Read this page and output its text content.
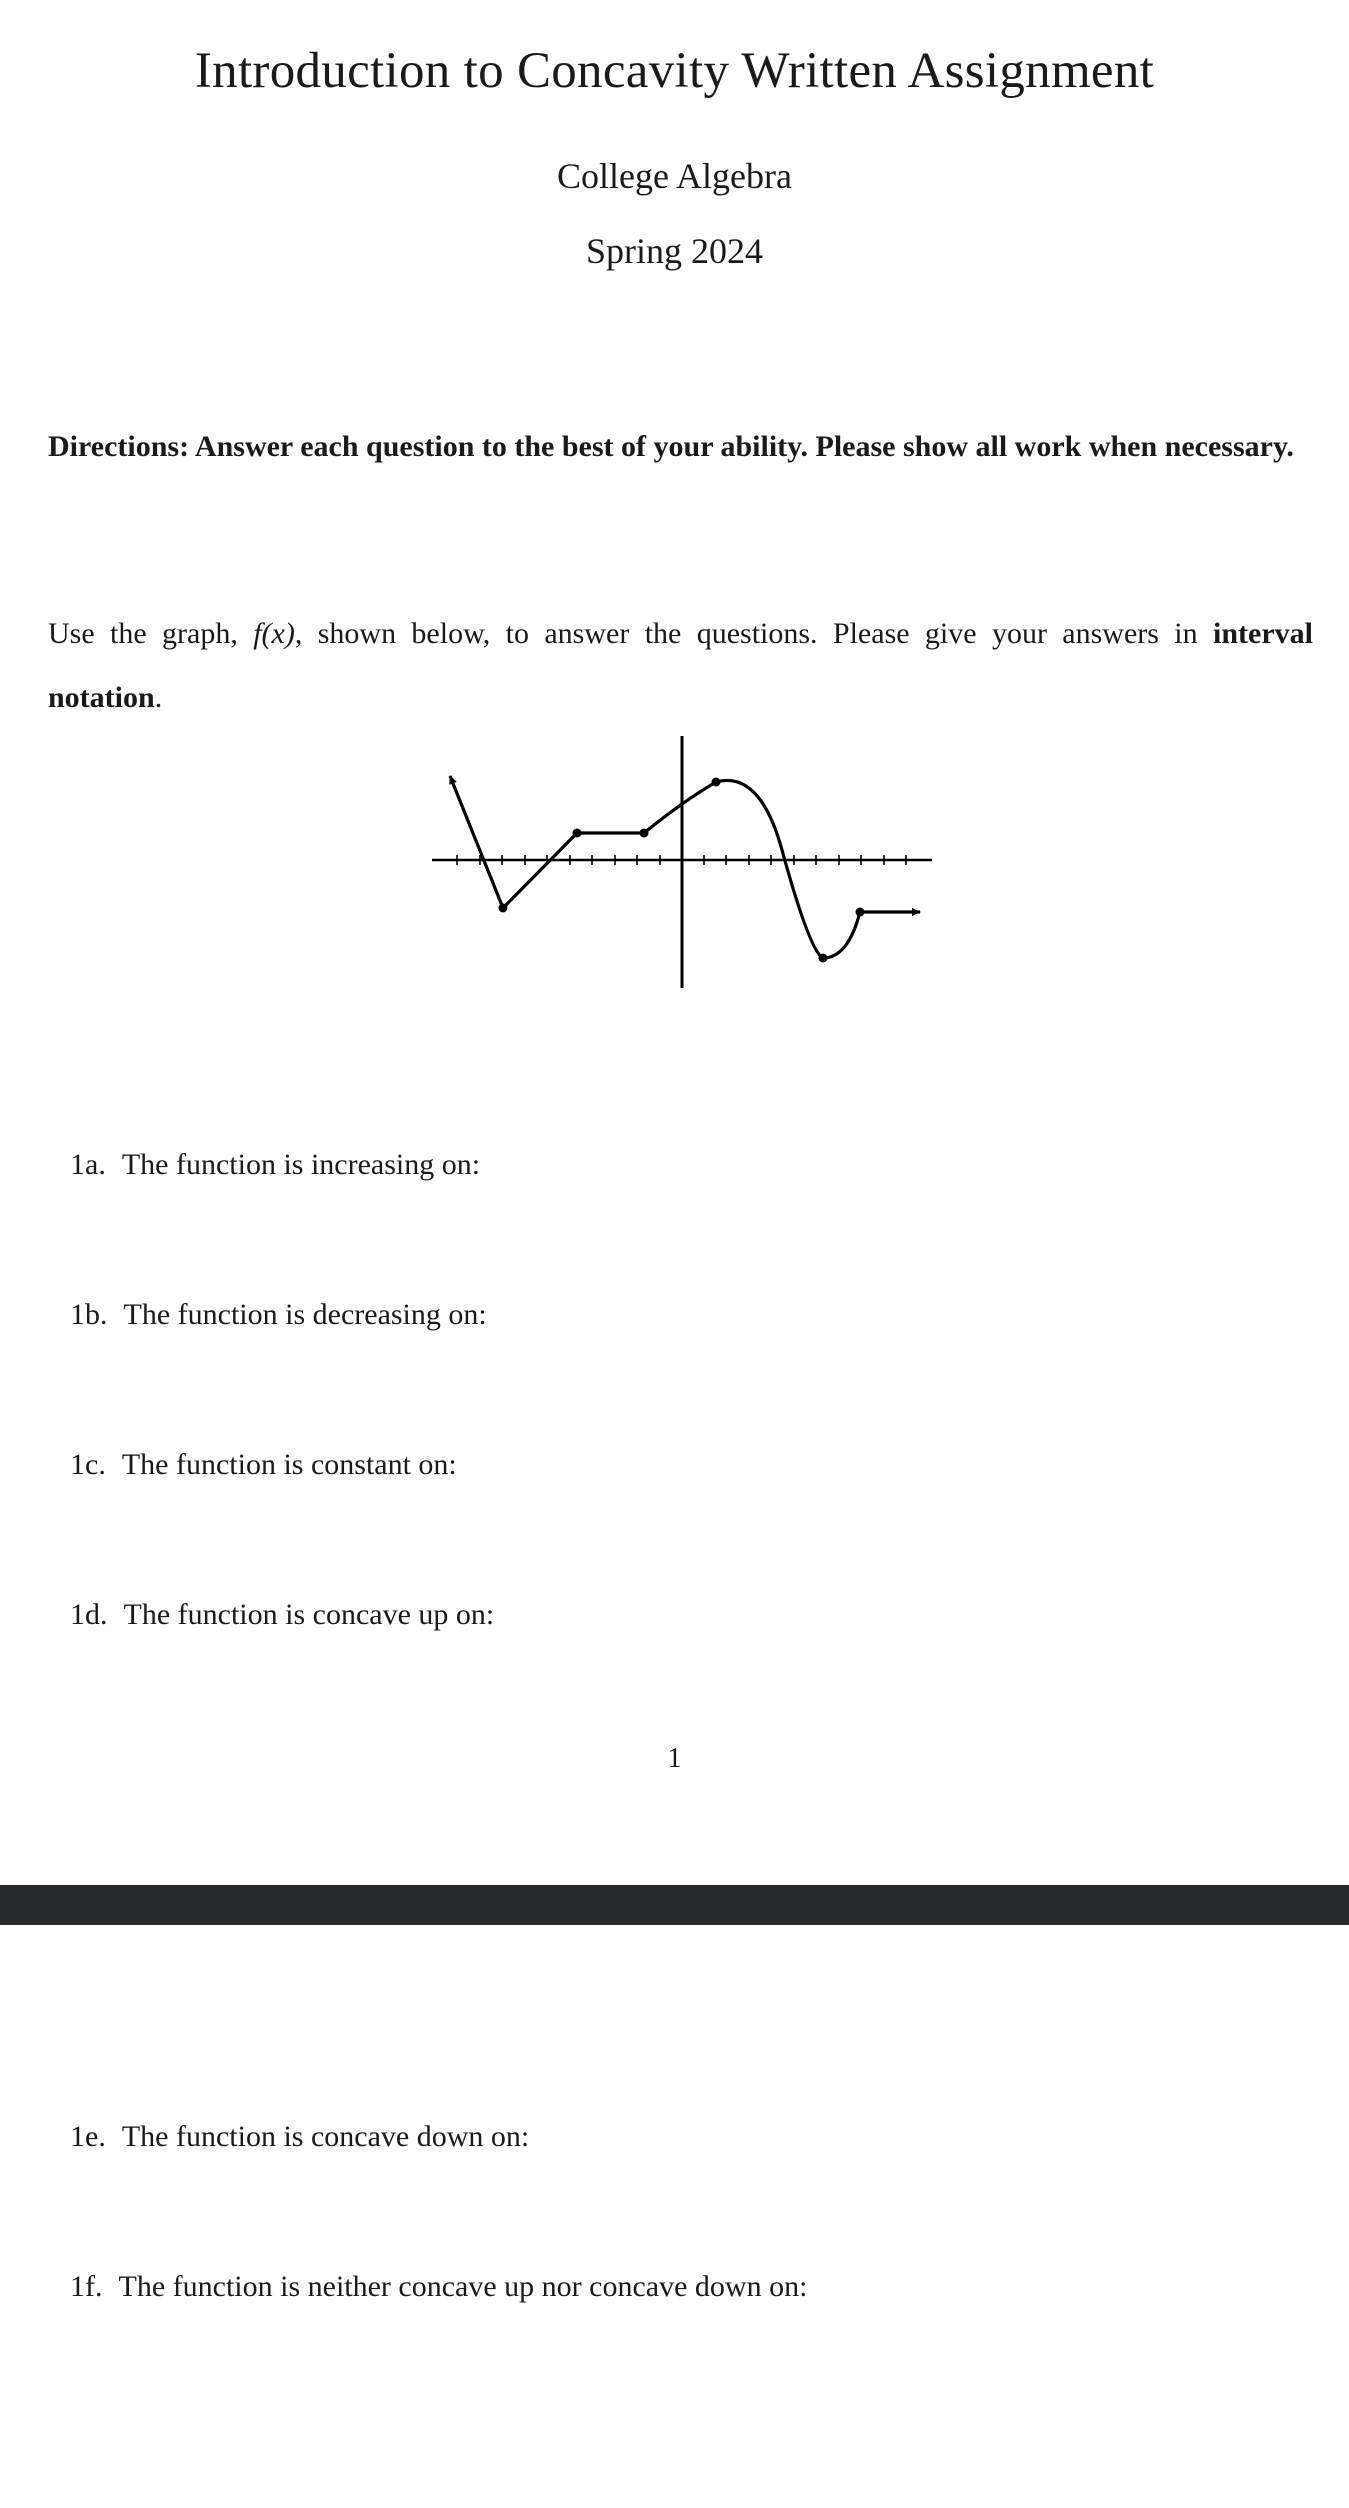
Introduction to Concavity Written Assignment
College Algebra
Spring 2024
Directions: Answer each question to the best of your ability. Please show all work when necessary.
Use the graph, f(x), shown below, to answer the questions. Please give your answers in interval notation.
1a. The function is increasing on:
1b. The function is decreasing on:
1c. The function is constant on:
1d. The function is concave up on:
1
1e. The function is concave down on:
1f. The function is neither concave up nor concave down on:
